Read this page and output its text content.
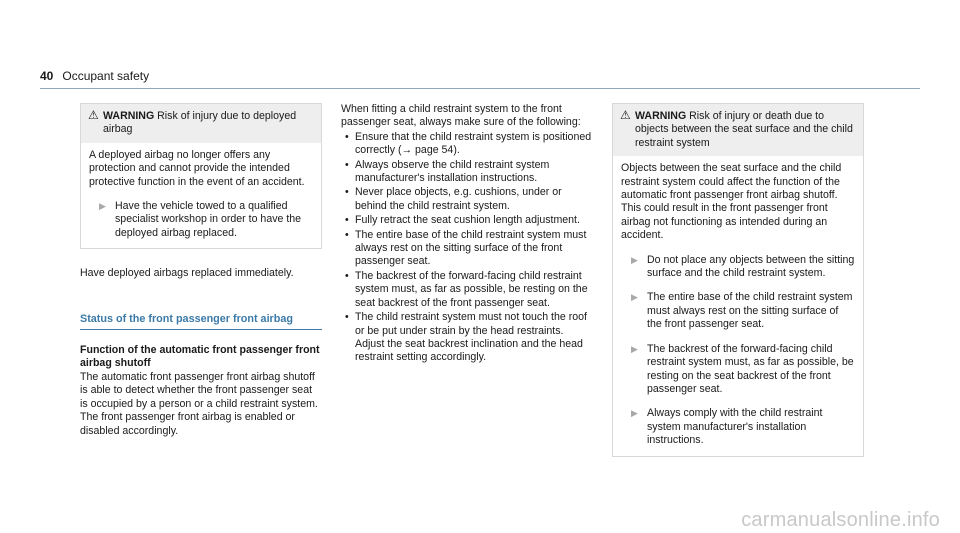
40 Occupant safety
⚠ WARNING Risk of injury due to deployed airbag

A deployed airbag no longer offers any protection and cannot provide the intended protective function in the event of an accident.

▶ Have the vehicle towed to a qualified specialist workshop in order to have the deployed airbag replaced.

Have deployed airbags replaced immediately.

Status of the front passenger front airbag
Function of the automatic front passenger front airbag shutoff

The automatic front passenger front airbag shutoff is able to detect whether the front passenger seat is occupied by a person or a child restraint system. The front passenger front airbag is enabled or disabled accordingly.

When fitting a child restraint system to the front passenger seat, always make sure of the following:

• Ensure that the child restraint system is positioned correctly (→ page 54).
• Always observe the child restraint system manufacturer's installation instructions.
• Never place objects, e.g. cushions, under or behind the child restraint system.
• Fully retract the seat cushion length adjustment.
• The entire base of the child restraint system must always rest on the sitting surface of the front passenger seat.
• The backrest of the forward-facing child restraint system must, as far as possible, be resting on the seat backrest of the front passenger seat.
• The child restraint system must not touch the roof or be put under strain by the head restraints. Adjust the seat backrest inclination and the head restraint setting accordingly.
⚠ WARNING Risk of injury or death due to objects between the seat surface and the child restraint system

Objects between the seat surface and the child restraint system could affect the function of the automatic front passenger front airbag shutoff.

This could result in the front passenger front airbag not functioning as intended during an accident.

▶ Do not place any objects between the sitting surface and the child restraint system.
▶ The entire base of the child restraint system must always rest on the sitting surface of the front passenger seat.
▶ The backrest of the forward-facing child restraint system must, as far as possible, be resting on the seat backrest of the front passenger seat.
▶ Always comply with the child restraint system manufacturer's installation instructions.
carmanualsonline.info
